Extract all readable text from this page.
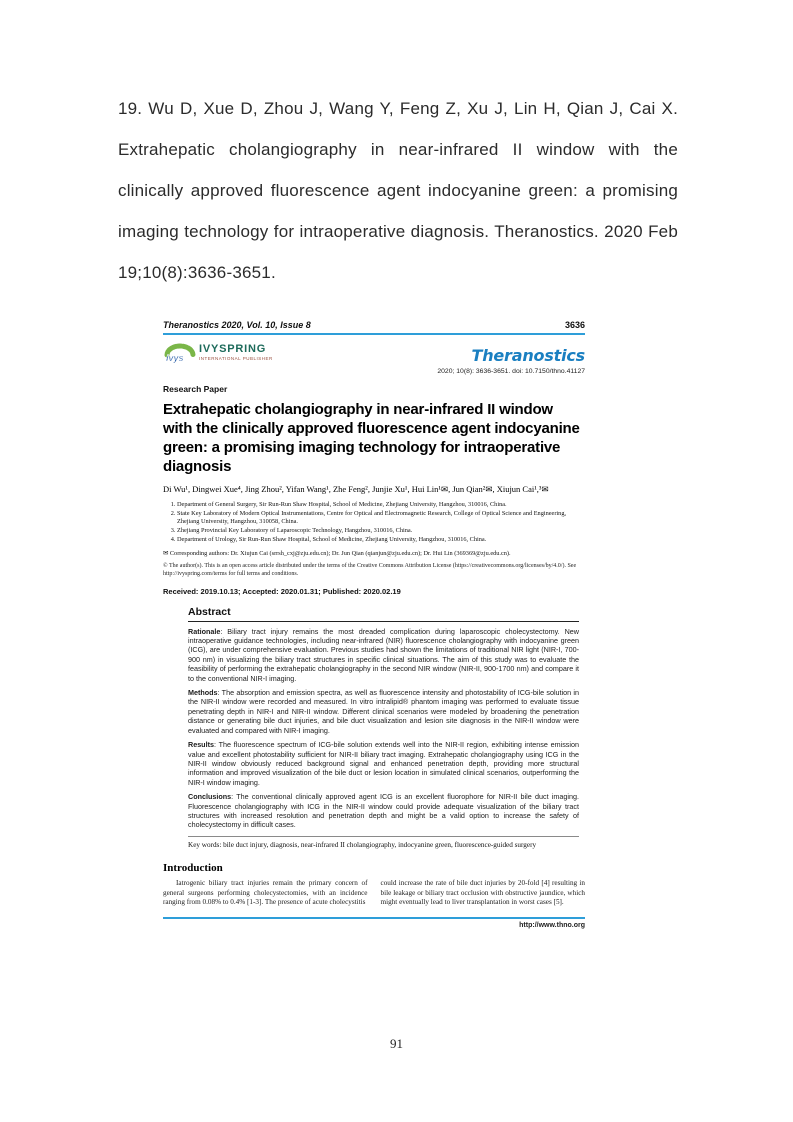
19. Wu D, Xue D, Zhou J, Wang Y, Feng Z, Xu J, Lin H, Qian J, Cai X. Extrahepatic cholangiography in near-infrared II window with the clinically approved fluorescence agent indocyanine green: a promising imaging technology for intraoperative diagnosis. Theranostics. 2020 Feb 19;10(8):3636-3651.

Theranostics 2020, Vol. 10, Issue 8	3636
ivys
IVYSPRING
INTERNATIONAL PUBLISHER	Theranostics
2020; 10(8): 3636-3651. doi: 10.7150/thno.41127
Research Paper
Extrahepatic cholangiography in near-infrared II window with the clinically approved fluorescence agent indocyanine green: a promising imaging technology for intraoperative diagnosis
Di Wu¹, Dingwei Xue⁴, Jing Zhou², Yifan Wang¹, Zhe Feng², Junjie Xu¹, Hui Lin¹✉, Jun Qian²✉, Xiujun Cai¹,³✉
1. Department of General Surgery, Sir Run-Run Shaw Hospital, School of Medicine, Zhejiang University, Hangzhou, 310016, China.
2. State Key Laboratory of Modern Optical Instrumentations, Centre for Optical and Electromagnetic Research, College of Optical Science and Engineering, Zhejiang University, Hangzhou, 310058, China.
3. Zhejiang Provincial Key Laboratory of Laparoscopic Technology, Hangzhou, 310016, China.
4. Department of Urology, Sir Run-Run Shaw Hospital, School of Medicine, Zhejiang University, Hangzhou, 310016, China.
✉ Corresponding authors: Dr. Xiujun Cai (srrsh_cxj@zju.edu.cn); Dr. Jun Qian (qianjun@zju.edu.cn); Dr. Hui Lin (369369@zju.edu.cn).
© The author(s). This is an open access article distributed under the terms of the Creative Commons Attribution License (https://creativecommons.org/licenses/by/4.0/). See http://ivyspring.com/terms for full terms and conditions.
Received: 2019.10.13; Accepted: 2020.01.31; Published: 2020.02.19
Abstract

Rationale: Biliary tract injury remains the most dreaded complication during laparoscopic cholecystectomy. New intraoperative guidance technologies, including near-infrared (NIR) fluorescence cholangiography with indocyanine green (ICG), are under comprehensive evaluation. Previous studies had shown the limitations of traditional NIR light (NIR-I, 700-900 nm) in visualizing the biliary tract structures in specific clinical situations. The aim of this study was to evaluate the feasibility of performing the extrahepatic cholangiography in the second NIR window (NIR-II, 900-1700 nm) and compare it to the conventional NIR-I imaging.

Methods: The absorption and emission spectra, as well as fluorescence intensity and photostability of ICG-bile solution in the NIR-II window were recorded and measured. In vitro intralipid® phantom imaging was performed to evaluate tissue penetrating depth in NIR-I and NIR-II window. Different clinical scenarios were modeled by broadening the penetration distance or generating bile duct injuries, and bile duct visualization and lesion site diagnosis in the NIR-II window were evaluated and compared with NIR-I imaging.

Results: The fluorescence spectrum of ICG-bile solution extends well into the NIR-II region, exhibiting intense emission value and excellent photostability sufficient for NIR-II biliary tract imaging. Extrahepatic cholangiography using ICG in the NIR-II window obviously reduced background signal and enhanced penetration depth, providing more structural information and improved visualization of the bile duct or lesion location in simulated clinical scenarios, outperforming the NIR-I window imaging.

Conclusions: The conventional clinically approved agent ICG is an excellent fluorophore for NIR-II bile duct imaging. Fluorescence cholangiography with ICG in the NIR-II window could provide adequate visualization of the biliary tract structures with increased resolution and penetration depth and might be a valid option to increase the safety of cholecystectomy in difficult cases.

Key words: bile duct injury, diagnosis, near-infrared II cholangiography, indocyanine green, fluorescence-guided surgery
Introduction
Iatrogenic biliary tract injuries remain the primary concern of general surgeons performing cholecystectomies, with an incidence ranging from 0.08% to 0.4% [1-3]. The presence of acute cholecystitis
could increase the rate of bile duct injuries by 20-fold [4] resulting in bile leakage or biliary tract occlusion with obstructive jaundice, which might eventually lead to liver transplantation in worst cases [5].
http://www.thno.org
91
